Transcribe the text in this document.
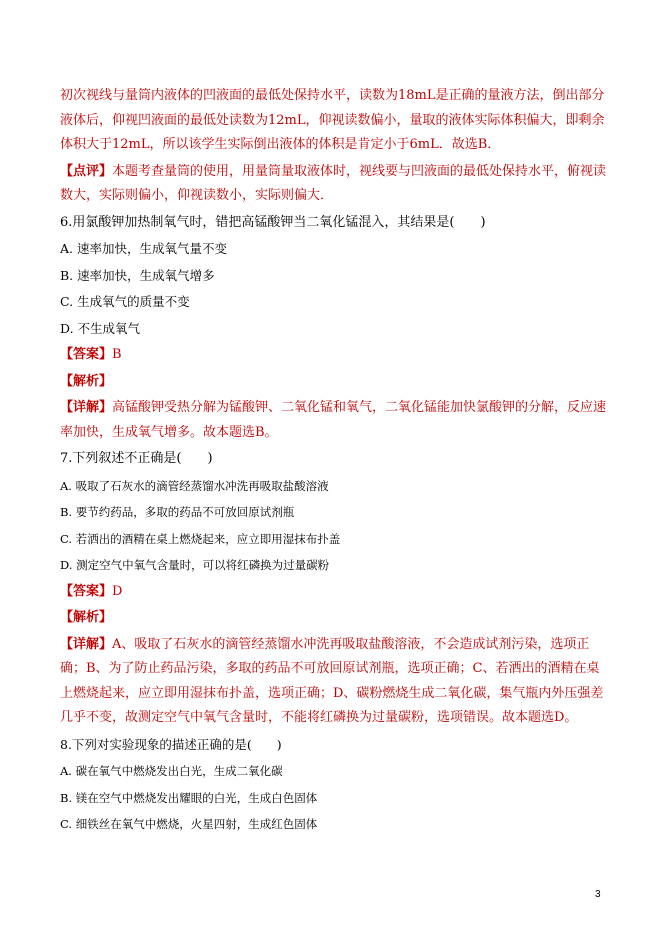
初次视线与量筒内液体的凹液面的最低处保持水平，读数为18mL是正确的量液方法，倒出部分液体后，仰视凹液面的最低处读数为12mL，仰视读数偏小，量取的液体实际体积偏大，即剩余体积大于12mL，所以该学生实际倒出液体的体积是肯定小于6mL．故选B．

【点评】本题考查量筒的使用，用量筒量取液体时，视线要与凹液面的最低处保持水平，俯视读数大，实际则偏小，仰视读数小，实际则偏大．

6.用氯酸钾加热制氧气时，错把高锰酸钾当二氧化锰混入，其结果是(　　)

A. 速率加快，生成氧气量不变

B. 速率加快，生成氧气增多

C. 生成氧气的质量不变

D. 不生成氧气

【答案】B

【解析】

【详解】高锰酸钾受热分解为锰酸钾、二氧化锰和氧气，二氧化锰能加快氯酸钾的分解，反应速率加快，生成氧气增多。故本题选B。

7.下列叙述不正确是(　　)

A. 吸取了石灰水的滴管经蒸馏水冲洗再吸取盐酸溶液

B. 要节约药品，多取的药品不可放回原试剂瓶

C. 若洒出的酒精在桌上燃烧起来，应立即用湿抹布扑盖

D. 测定空气中氧气含量时，可以将红磷换为过量碳粉

【答案】D

【解析】

【详解】A、吸取了石灰水的滴管经蒸馏水冲洗再吸取盐酸溶液，不会造成试剂污染，选项正确；B、为了防止药品污染，多取的药品不可放回原试剂瓶，选项正确；C、若洒出的酒精在桌上燃烧起来，应立即用湿抹布扑盖，选项正确；D、碳粉燃烧生成二氧化碳，集气瓶内外压强差几乎不变，故测定空气中氧气含量时，不能将红磷换为过量碳粉，选项错误。故本题选D。

8.下列对实验现象的描述正确的是(　　)

A. 碳在氧气中燃烧发出白光，生成二氧化碳

B. 镁在空气中燃烧发出耀眼的白光，生成白色固体

C. 细铁丝在氧气中燃烧，火星四射，生成红色固体

3
